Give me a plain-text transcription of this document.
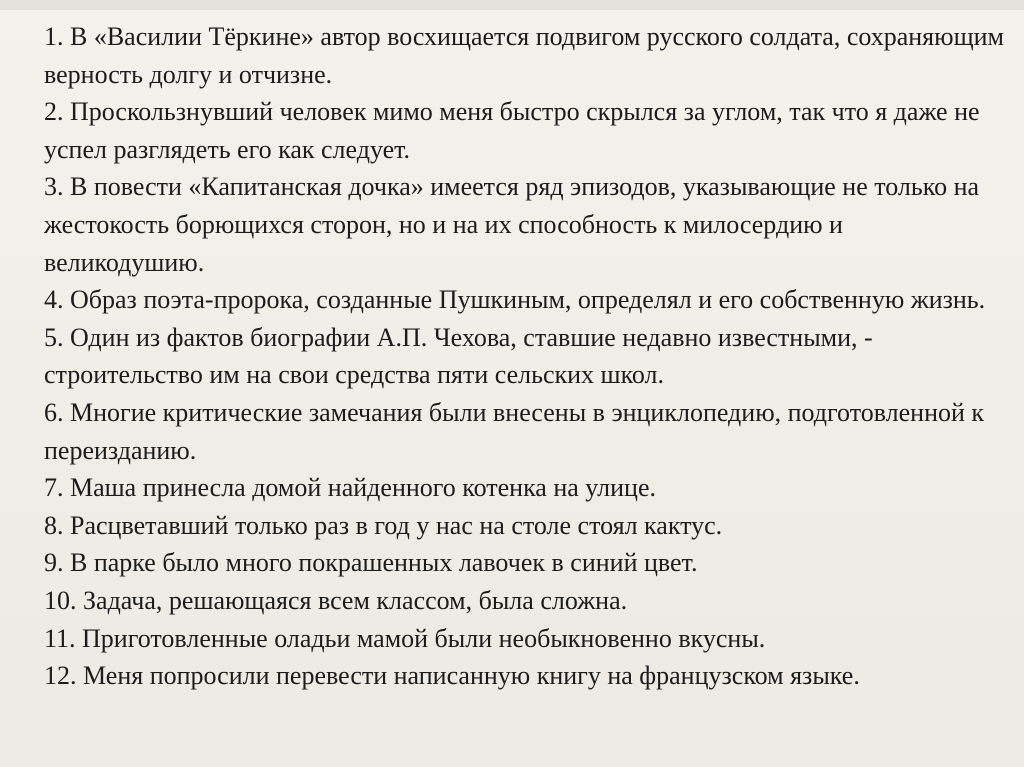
1. В «Василии Тёркине» автор восхищается подвигом русского солдата, сохраняющим верность долгу и отчизне.
2. Проскользнувший человек мимо меня быстро скрылся за углом, так что я даже не успел разглядеть его как следует.
3. В повести «Капитанская дочка» имеется ряд эпизодов, указывающие не только на жестокость борющихся сторон, но и на их способность к милосердию и великодушию.
4. Образ поэта-пророка, созданные Пушкиным, определял и его собственную жизнь.
5. Один из фактов биографии А.П. Чехова, ставшие недавно известными, - строительство им на свои средства пяти сельских школ.
6. Многие критические замечания были внесены в энциклопедию, подготовленной к переизданию.
7. Маша принесла домой найденного котенка на улице.
8. Расцветавший только раз в год у нас на столе стоял кактус.
9. В парке было много покрашенных лавочек в синий цвет.
10. Задача, решающаяся всем классом, была сложна.
11. Приготовленные оладьи мамой были необыкновенно вкусны.
12. Меня попросили перевести написанную книгу на французском языке.
